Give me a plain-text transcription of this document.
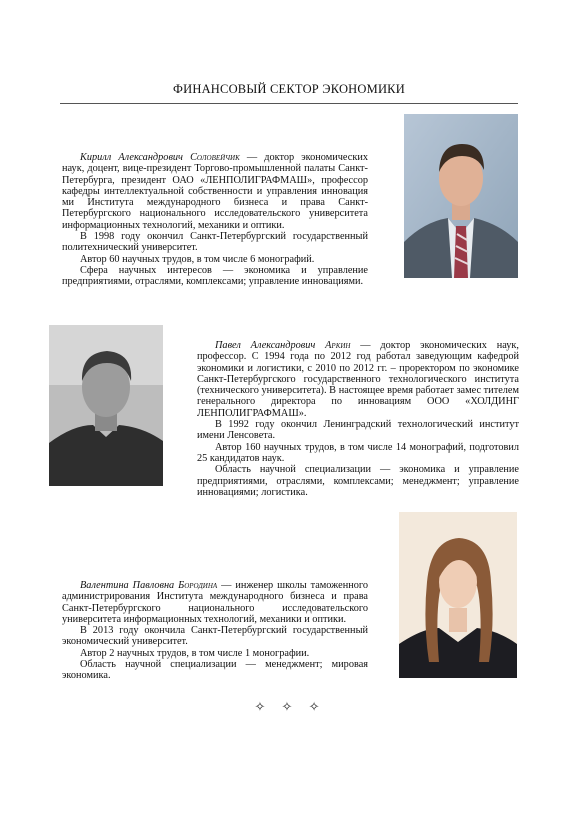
ФИНАНСОВЫЙ СЕКТОР ЭКОНОМИКИ

Кирилл Александрович Соловейчик — доктор экономических наук, доцент, вице-президент Торгово-промышленной палаты Санкт-Петербурга, президент ОАО «ЛЕНПОЛИГРАФМАШ», профессор кафедры интеллектуальной собственности и управления инновация ми Института международного бизнеса и права Санкт-Петербургского национального исследовательского университета информационных технологий, механики и оптики.

В 1998 году окончил Санкт-Петербургский государственный политехнический университет.

Автор 60 научных трудов, в том числе 6 монографий.

Сфера научных интересов — экономика и управление предприятиями, отраслями, комплексами; управление инновациями.

Павел Александрович Аркин — доктор экономических наук, профессор. С 1994 года по 2012 год работал заведующим кафедрой экономики и логистики, с 2010 по 2012 гг. – проректором по экономике Санкт-Петербургского государственного технологического института (технического университета). В настоящее время работает замес тителем генерального директора по инновациям ООО «ХОЛДИНГ ЛЕНПОЛИГРАФМАШ».

В 1992 году окончил Ленинградский технологический институт имени Ленсовета.

Автор 160 научных трудов, в том числе 14 монографий, подготовил 25 кандидатов наук.

Область научной специализации — экономика и управление предприятиями, отраслями, комплексами; менеджмент; управление инновациями; логистика.

Валентина Павловна Бородина — инженер школы таможенного администрирования Института международного бизнеса и права Санкт-Петербургского национального исследовательского университета информационных технологий, механики и оптики.

В 2013 году окончила Санкт-Петербургский государственный экономический университет.

Автор 2 научных трудов, в том числе 1 монографии.

Область научной специализации — менеджмент; мировая экономика.

✧ ✧ ✧
